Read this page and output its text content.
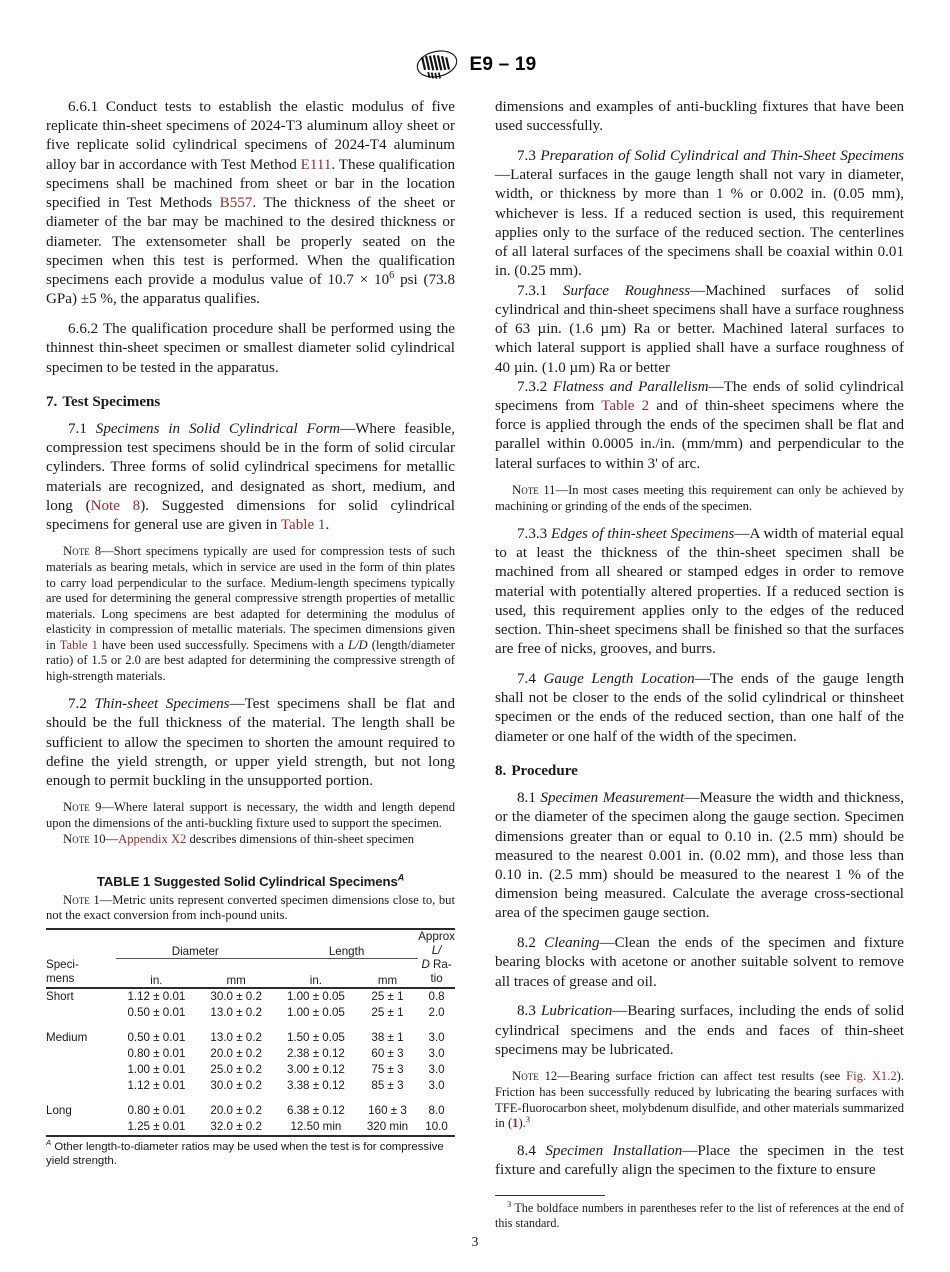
E9 – 19

6.6.1 Conduct tests to establish the elastic modulus of five replicate thin-sheet specimens of 2024-T3 aluminum alloy sheet or five replicate solid cylindrical specimens of 2024-T4 aluminum alloy bar in accordance with Test Method E111. These qualification specimens shall be machined from sheet or bar in the location specified in Test Methods B557. The thickness of the sheet or diameter of the bar may be machined to the desired thickness or diameter. The extensometer shall be properly seated on the specimen when this test is performed. When the qualification specimens each provide a modulus value of $10.7 \times 10^6$ psi (73.8 GPa) ±5 %, the apparatus qualifies.

6.6.2 The qualification procedure shall be performed using the thinnest thin-sheet specimen or smallest diameter solid cylindrical specimen to be tested in the apparatus.

7. Test Specimens

7.1 Specimens in Solid Cylindrical Form—Where feasible, compression test specimens should be in the form of solid circular cylinders. Three forms of solid cylindrical specimens for metallic materials are recognized, and designated as short, medium, and long (Note 8). Suggested dimensions for solid cylindrical specimens for general use are given in Table 1.

Note 8—Short specimens typically are used for compression tests of such materials as bearing metals, which in service are used in the form of thin plates to carry load perpendicular to the surface. Medium-length specimens typically are used for determining the general compressive strength properties of metallic materials. Long specimens are best adapted for determining the modulus of elasticity in compression of metallic materials. The specimen dimensions given in Table 1 have been used successfully. Specimens with a L/D (length/diameter ratio) of 1.5 or 2.0 are best adapted for determining the compressive strength of high-strength materials.

7.2 Thin-sheet Specimens—Test specimens shall be flat and should be the full thickness of the material. The length shall be sufficient to allow the specimen to shorten the amount required to define the yield strength, or upper yield strength, but not long enough to permit buckling in the unsupported portion.

Note 9—Where lateral support is necessary, the width and length depend upon the dimensions of the anti-buckling fixture used to support the specimen.

Note 10—Appendix X2 describes dimensions of thin-sheet specimen

TABLE 1 Suggested Solid Cylindrical Specimens$^A$

Note 1—Metric units represent converted specimen dimensions close to, but not the exact conversion from inch-pound units.

Speci-
mens	Diameter		Length		Approx
L/
D Ra-
tio

	in.	mm	in.	mm	
Short	1.12 ± 0.01	30.0 ± 0.2	1.00 ± 0.05	25 ± 1	0.8
	0.50 ± 0.01	13.0 ± 0.2	1.00 ± 0.05	25 ± 1	2.0

Medium	0.50 ± 0.01	13.0 ± 0.2	1.50 ± 0.05	38 ± 1	3.0
	0.80 ± 0.01	20.0 ± 0.2	2.38 ± 0.12	60 ± 3	3.0
	1.00 ± 0.01	25.0 ± 0.2	3.00 ± 0.12	75 ± 3	3.0
	1.12 ± 0.01	30.0 ± 0.2	3.38 ± 0.12	85 ± 3	3.0

Long	0.80 ± 0.01	20.0 ± 0.2	6.38 ± 0.12	160 ± 3	8.0
	1.25 ± 0.01	32.0 ± 0.2	12.50 min	320 min	10.0
$^A$ Other length-to-diameter ratios may be used when the test is for compressive yield strength.

dimensions and examples of anti-buckling fixtures that have been used successfully.

7.3 Preparation of Solid Cylindrical and Thin-Sheet Specimens—Lateral surfaces in the gauge length shall not vary in diameter, width, or thickness by more than 1 % or 0.002 in. (0.05 mm), whichever is less. If a reduced section is used, this requirement applies only to the surface of the reduced section. The centerlines of all lateral surfaces of the specimens shall be coaxial within 0.01 in. (0.25 mm).

7.3.1 Surface Roughness—Machined surfaces of solid cylindrical and thin-sheet specimens shall have a surface roughness of 63 µin. (1.6 µm) Ra or better. Machined lateral surfaces to which lateral support is applied shall have a surface roughness of 40 µin. (1.0 µm) Ra or better

7.3.2 Flatness and Parallelism—The ends of solid cylindrical specimens from Table 2 and of thin-sheet specimens where the force is applied through the ends of the specimen shall be flat and parallel within 0.0005 in./in. (mm/mm) and perpendicular to the lateral surfaces to within 3' of arc.

Note 11—In most cases meeting this requirement can only be achieved by machining or grinding of the ends of the specimen.

7.3.3 Edges of thin-sheet Specimens—A width of material equal to at least the thickness of the thin-sheet specimen shall be machined from all sheared or stamped edges in order to remove material with potentially altered properties. If a reduced section is used, this requirement applies only to the edges of the reduced section. Thin-sheet specimens shall be finished so that the surfaces are free of nicks, grooves, and burrs.

7.4 Gauge Length Location—The ends of the gauge length shall not be closer to the ends of the solid cylindrical or thinsheet specimen or the ends of the reduced section, than one half of the diameter or one half of the width of the specimen.

8. Procedure

8.1 Specimen Measurement—Measure the width and thickness, or the diameter of the specimen along the gauge section. Specimen dimensions greater than or equal to 0.10 in. (2.5 mm) should be measured to the nearest 0.001 in. (0.02 mm), and those less than 0.10 in. (2.5 mm) should be measured to the nearest 1 % of the dimension being measured. Calculate the average cross-sectional area of the specimen gauge section.

8.2 Cleaning—Clean the ends of the specimen and fixture bearing blocks with acetone or another suitable solvent to remove all traces of grease and oil.

8.3 Lubrication—Bearing surfaces, including the ends of solid cylindrical specimens and the ends and faces of thin-sheet specimens may be lubricated.

Note 12—Bearing surface friction can affect test results (see Fig. X1.2). Friction has been successfully reduced by lubricating the bearing surfaces with TFE-fluorocarbon sheet, molybdenum disulfide, and other materials summarized in (1).$^3$

8.4 Specimen Installation—Place the specimen in the test fixture and carefully align the specimen to the fixture to ensure

$^3$ The boldface numbers in parentheses refer to the list of references at the end of this standard.

3
